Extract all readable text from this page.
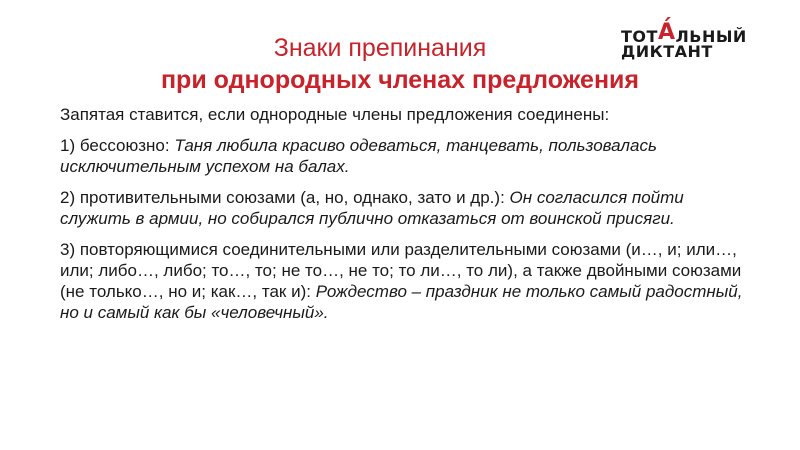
Знаки препинания
при однородных членах предложения
ТОТА́ЛЬНЫЙ
ДИКТАНТ

Запятая ставится, если однородные члены предложения соединены:

1) бессоюзно: Таня любила красиво одеваться, танцевать, пользовалась исключительным успехом на балах.

2) противительными союзами (а, но, однако, зато и др.): Он согласился пойти служить в армии, но собирался публично отказаться от воинской присяги.

3) повторяющимися соединительными или разделительными союзами (и…, и; или…, или; либо…, либо; то…, то; не то…, не то; то ли…, то ли), а также двойными союзами (не только…, но и; как…, так и): Рождество – праздник не только самый радостный, но и самый как бы «человечный».
